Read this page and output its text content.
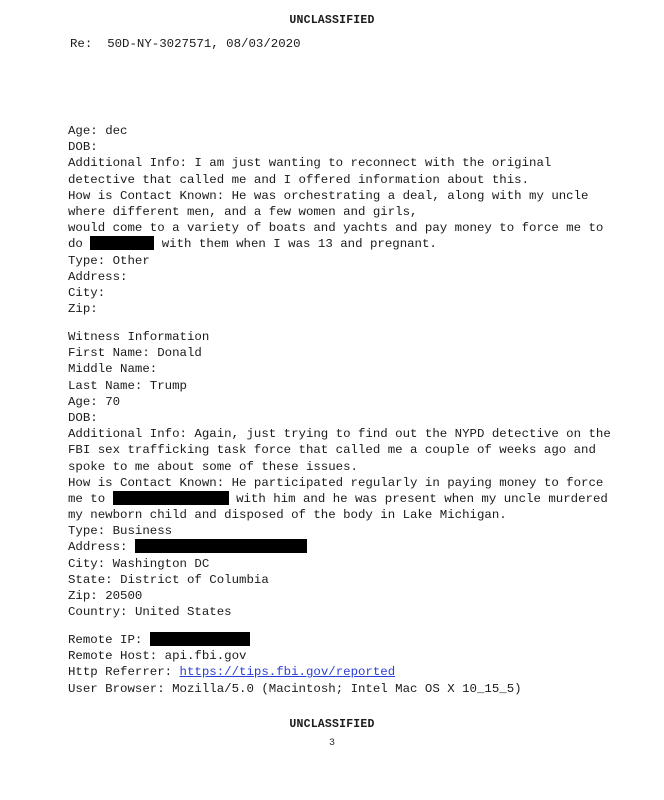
UNCLASSIFIED
Re: 50D-NY-3027571, 08/03/2020
Age: dec
DOB:
Additional Info: I am just wanting to reconnect with the original
detective that called me and I offered information about this.
How is Contact Known: He was orchestrating a deal, along with my uncle
where different men, and a few women and girls,
would come to a variety of boats and yachts and pay money to force me to
do	with them when I was 13 and pregnant.
Type: Other
Address:
City:
Zip:
Witness Information
First Name: Donald
Middle Name:
Last Name: Trump
Age: 70
DOB:
Additional Info: Again, just trying to find out the NYPD detective on the
FBI sex trafficking task force that called me a couple of weeks ago and
spoke to me about some of these issues.
How is Contact Known: He participated regularly in paying money to force
me to	with him and he was present when my uncle murdered
my newborn child and disposed of the body in Lake Michigan.
Type: Business
Address:
City: Washington DC
State: District of Columbia
Zip: 20500
Country: United States
Remote IP:
Remote Host: api.fbi.gov
Http Referrer: https://tips.fbi.gov/reported
User Browser: Mozilla/5.0 (Macintosh; Intel Mac OS X 10_15_5)
UNCLASSIFIED
3
